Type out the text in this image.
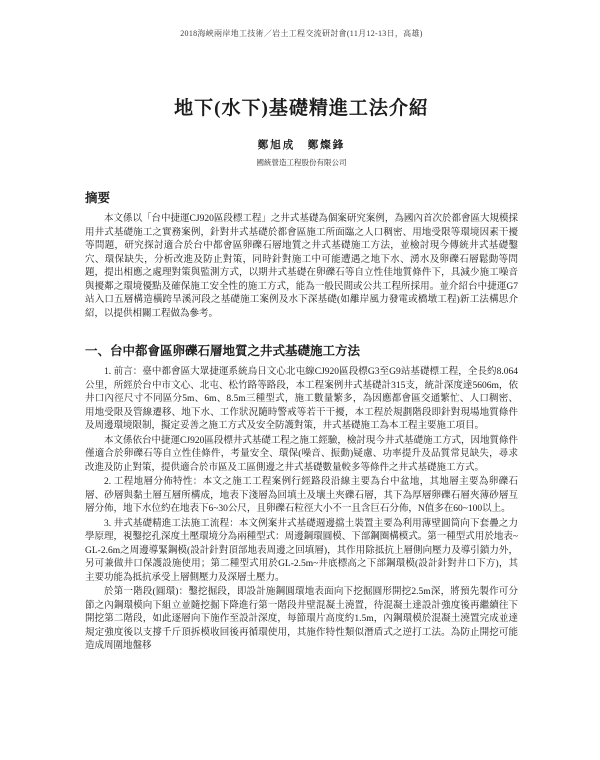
2018海峽兩岸地工技術／岩土工程交流研討會(11月12-13日，高雄)
地下(水下)基礎精進工法介紹
鄭旭成　鄭燦鋒
國統營造工程股份有限公司
摘要

本文係以「台中捷運CJ920區段標工程」之井式基礎為個案研究案例，為國內首次於都會區大規模採用井式基礎施工之實務案例，針對井式基礎於都會區施工所面臨之人口稠密、用地受限等環境因素干擾等問題，研究探討適合於台中都會區卵礫石層地質之井式基礎施工方法，並檢討現今傳統井式基礎鑿穴、環保缺失，分析改進及防止對策，同時針對施工中可能遭遇之地下水、湧水及卵礫石層鬆動等問題，提出相應之處理對策與監測方式，以期井式基礎在卵礫石等自立性佳地質條件下，具減少施工噪音與擾鄰之環境優點及確保施工安全性的施工方式，能為一般民間或公共工程所採用。並介紹台中捷運G7站入口五層構造橫跨旱溪河段之基礎施工案例及水下深基礎(如離岸風力發電或橋墩工程)新工法構思介紹，以提供相關工程做為參考。

一、台中都會區卵礫石層地質之井式基礎施工方法

1. 前言：臺中都會區大眾捷運系統烏日文心北屯線CJ920區段標G3至G9站基礎標工程，全長約8.064公里，所經於台中市文心、北屯、松竹路等路段，本工程案例井式基礎計315支，統計深度達5606m，依井口內徑尺寸不同區分5m、6m、8.5m三種型式，施工數量繁多，為因應都會區交通繁忙、人口稠密、用地受限及管線遷移、地下水、工作狀況隨時警戒等若干干擾，本工程於規劃階段即針對現場地質條件及周邊環境限制，擬定妥善之施工方式及安全防護對策，井式基礎施工為本工程主要施工項目。

本文係依台中捷運CJ920區段標井式基礎工程之施工經驗，檢討現今井式基礎施工方式，因地質條件僅適合於卵礫石等自立性佳條件，考量安全、環保(噪音、振動)疑慮、功率提升及品質常見缺失，尋求改進及防止對策，提供適合於市區及工區側邊之井式基礎數量較多等條件之井式基礎施工方式。

2. 工程地層分佈特性：本文之施工工程案例行經路段沿線主要為台中盆地，其地層主要為卵礫石層、砂層與黏土層互層所構成，地表下淺層為回填土及壤土夾礫石層，其下為厚層卵礫石層夾薄砂層互層分佈，地下水位約在地表下6~30公尺，且卵礫石粒徑大小不一且含巨石分佈，N值多在60~100以上。

3. 井式基礎精進工法施工流程：本文例案井式基礎週邊擋土裝置主要為利用薄壁圓筒向下套疊之力學原理，視鑿挖孔深度土壓環境分為兩種型式：周邊鋼環圓模、下部鋼圈構模式。第一種型式用於地表~GL-2.6m之周邊導緊鋼模(設計針對頂部地表周邊之回填層)，其作用除抵抗上層側向壓力及導引鎖力外，另可兼做井口保護設施使用；第二種型式用於GL-2.5m~井底標高之下部鋼環模(設計針對井口下方)，其主要功能為抵抗承受上層側壓力及深層土壓力。

於第一階段(圓環)：鑿挖掘段，即設計施鋼圓環地表面向下挖掘圓形開挖2.5m深，將預先製作可分節之內鋼環模向下組立並隨挖掘下降進行第一階段井壁混凝土澆置，待混凝土達設計強度後再繼續往下開挖第二階段，如此逐層向下施作至設計深度，每節環片高度約1.5m，內鋼環模於混凝土澆置完成並達規定強度後以支撐千斤頂拆模收回後再循環使用，其施作特性類似潛盾式之逆打工法。為防止開挖可能造成周圍地盤移
